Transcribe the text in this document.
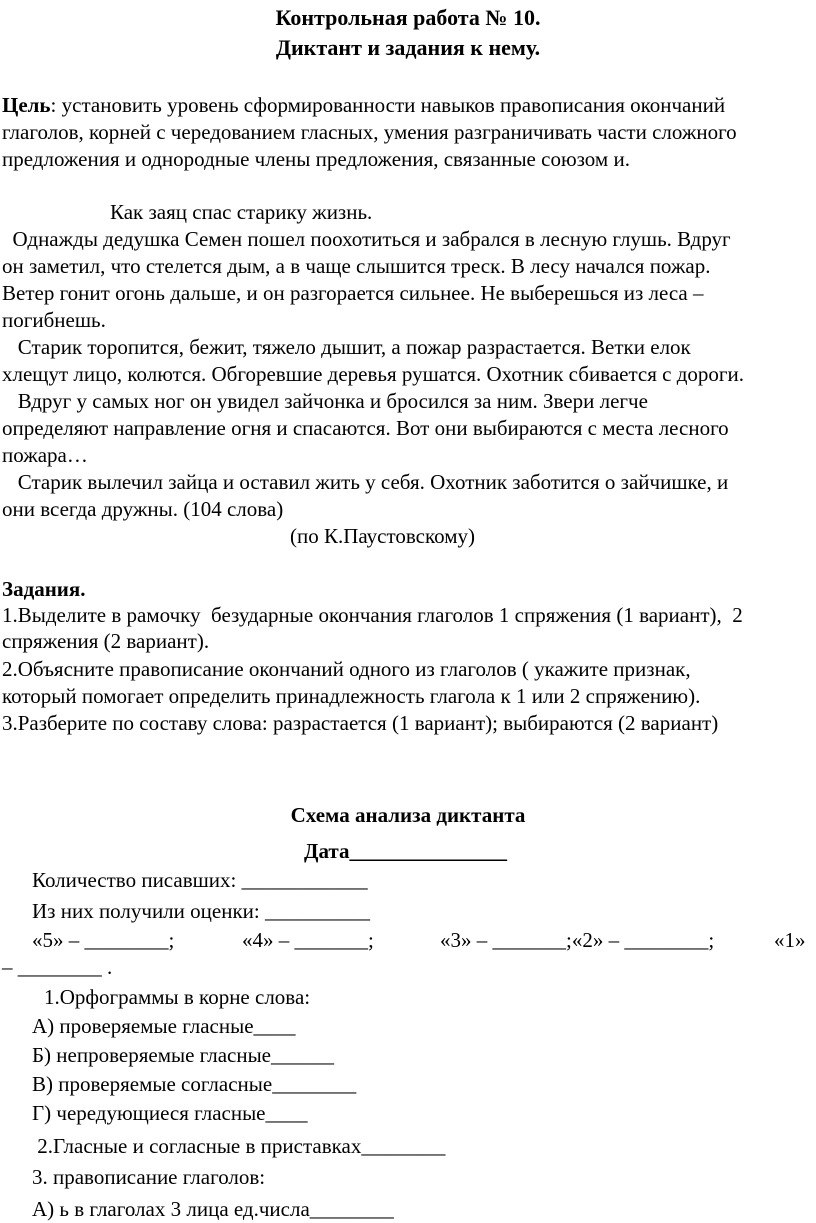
Контрольная работа № 10.
Диктант и задания к нему.
Цель: установить уровень сформированности навыков правописания окончаний
глаголов, корней с чередованием гласных, умения разграничивать части сложного
предложения и однородные члены предложения, связанные союзом и.
Как заяц спас старику жизнь.
Однажды дедушка Семен пошел поохотиться и забрался в лесную глушь. Вдруг
он заметил, что стелется дым, а в чаще слышится треск. В лесу начался пожар.
Ветер гонит огонь дальше, и он разгорается сильнее. Не выберешься из леса –
погибнешь.
Старик торопится, бежит, тяжело дышит, а пожар разрастается. Ветки елок
хлещут лицо, колются. Обгоревшие деревья рушатся. Охотник сбивается с дороги.
Вдруг у самых ног он увидел зайчонка и бросился за ним. Звери легче
определяют направление огня и спасаются. Вот они выбираются с места лесного
пожара…
Старик вылечил зайца и оставил жить у себя. Охотник заботится о зайчишке, и
они всегда дружны. (104 слова)
(по К.Паустовскому)
Задания.
1.Выделите в рамочку  безударные окончания глаголов 1 спряжения (1 вариант),  2
спряжения (2 вариант).
2.Объясните правописание окончаний одного из глаголов ( укажите признак,
который помогает определить принадлежность глагола к 1 или 2 спряжению).
3.Разберите по составу слова: разрастается (1 вариант); выбираются (2 вариант)
Схема анализа диктанта
Дата_______________
Количество писавших: ____________
Из них получили оценки: __________
«5» – ________;	«4» – _______;	«3» – _______;«2» – ________;	«1»
– ________ .
1.Орфограммы в корне слова:
А) проверяемые гласные____
Б) непроверяемые гласные______
В) проверяемые согласные________
Г) чередующиеся гласные____
2.Гласные и согласные в приставках________
3. правописание глаголов:
А) ь в глаголах 3 лица ед.числа________
